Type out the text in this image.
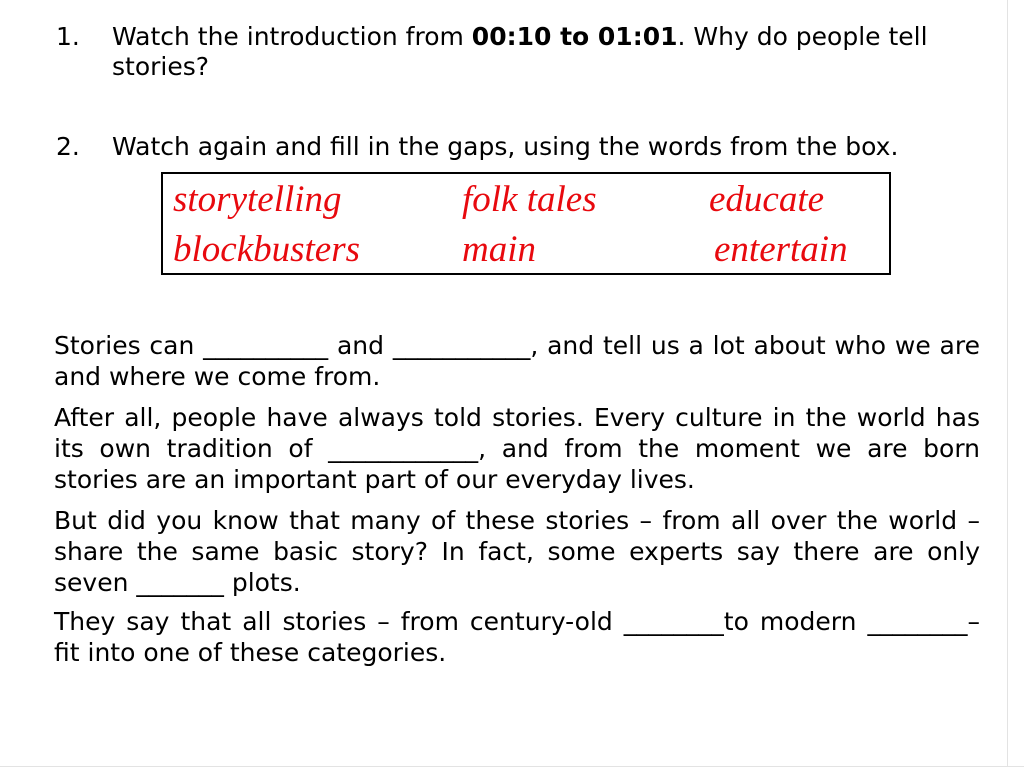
1. Watch the introduction from 00:10 to 01:01. Why do people tell stories?
2. Watch again and fill in the gaps, using the words from the box.
storytelling	folk tales	educate
blockbusters	main	entertain
Stories can __________ and ___________, and tell us a lot about who we are and where we come from.
After all, people have always told stories. Every culture in the world has its own tradition of ____________, and from the moment we are born stories are an important part of our everyday lives.
But did you know that many of these stories – from all over the world – share the same basic story? In fact, some experts say there are only seven _______ plots.
They say that all stories – from century-old ________to modern ________– fit into one of these categories.
